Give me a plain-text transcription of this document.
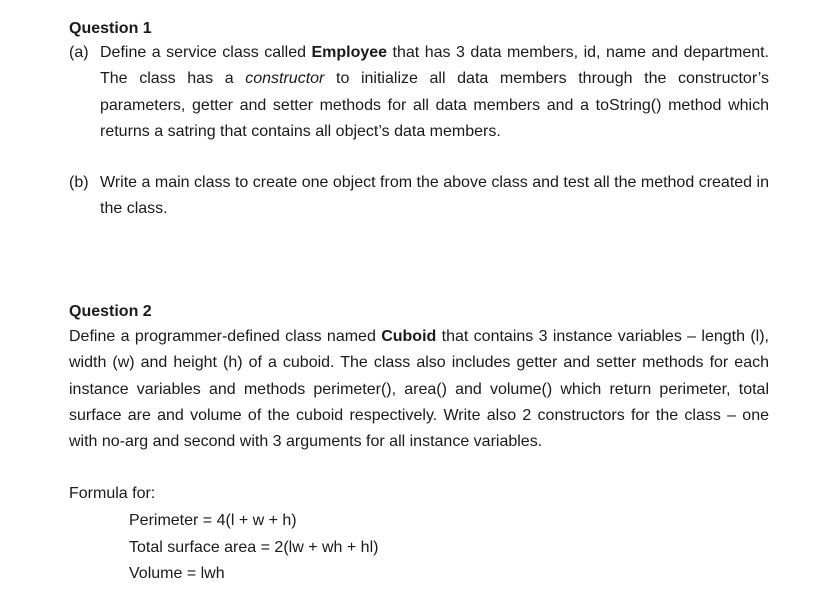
Question 1
(a) Define a service class called Employee that has 3 data members, id, name and department. The class has a constructor to initialize all data members through the constructor’s parameters, getter and setter methods for all data members and a toString() method which returns a satring that contains all object’s data members.
(b) Write a main class to create one object from the above class and test all the method created in the class.
Question 2
Define a programmer-defined class named Cuboid that contains 3 instance variables – length (l), width (w) and height (h) of a cuboid. The class also includes getter and setter methods for each instance variables and methods perimeter(), area() and volume() which return perimeter, total surface are and volume of the cuboid respectively. Write also 2 constructors for the class – one with no-arg and second with 3 arguments for all instance variables.
Formula for:
Perimeter = 4(l + w + h)
Total surface area = 2(lw + wh + hl)
Volume = lwh
